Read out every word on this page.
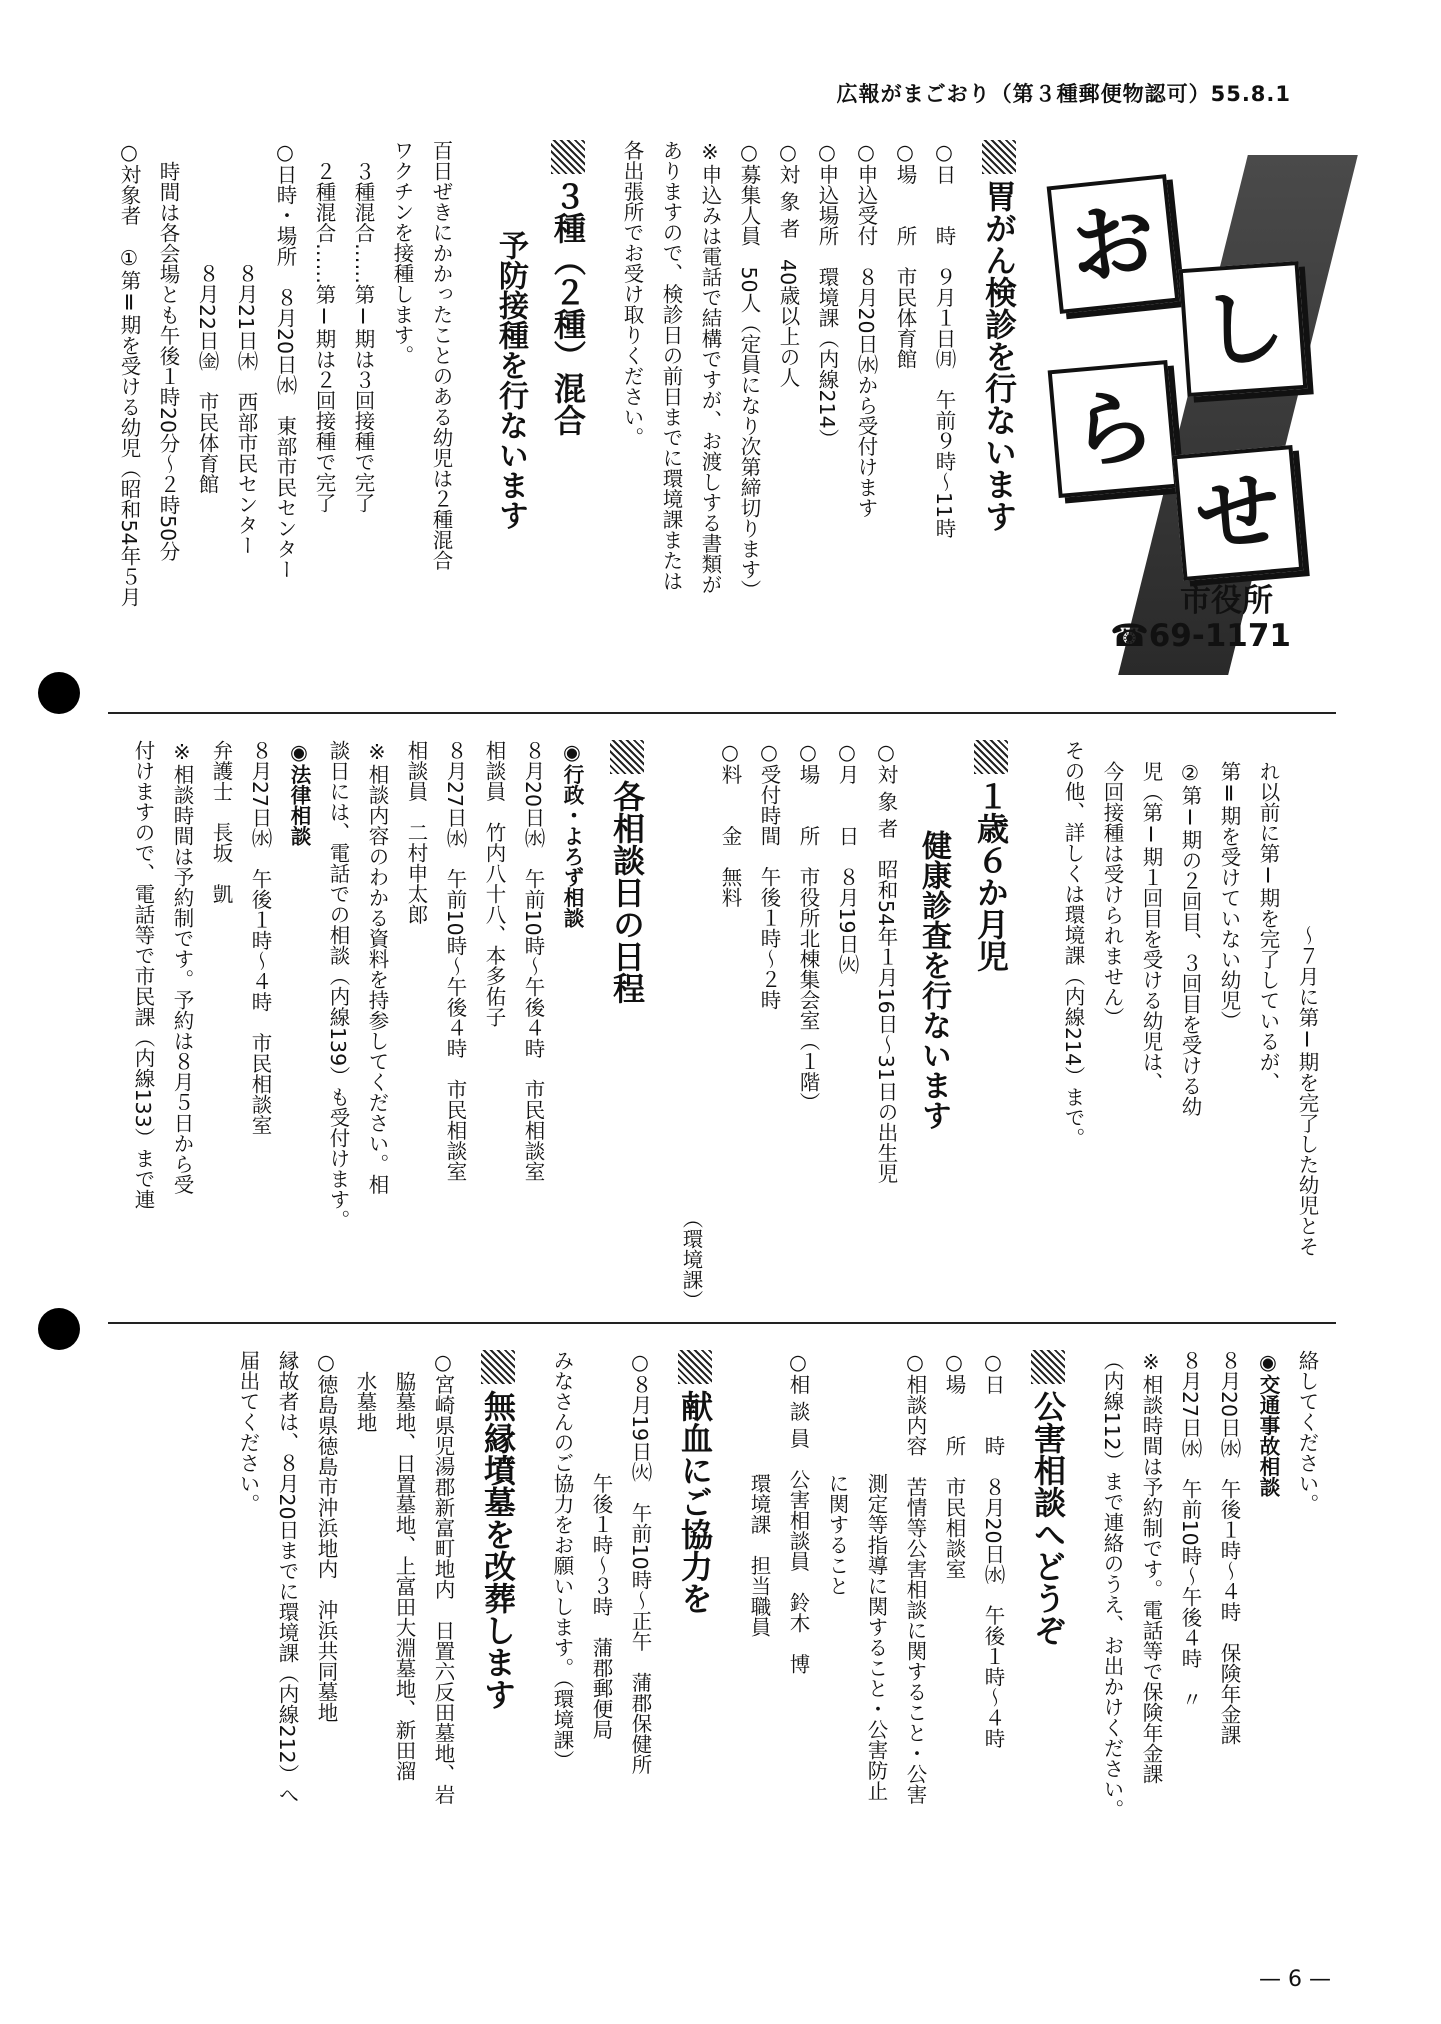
広報がまごおり（第３種郵便物認可）55.8.1
お
し
ら
せ
市役所
☎69-1171
胃がん検診を行ないます
○日　　時　９月１日㈪　午前９時〜11時
○場　　所　市民体育館
○申込受付　８月20日㈬から受付けます
○申込場所　環境課（内線214）
○対 象 者　40歳以上の人
○募集人員　50人（定員になり次第締切ります）
※申込みは電話で結構ですが、お渡しする書類が
ありますので、検診日の前日までに環境課または
各出張所でお受け取りください。
３種（２種）混合
予防接種を行ないます
百日ぜきにかかったことのある幼児は２種混合
ワクチンを接種します。
３種混合……第Ⅰ期は３回接種で完了
２種混合……第Ⅰ期は２回接種で完了
○日時・場所　８月20日㈬　東部市民センター
８月21日㈭　西部市民センター
８月22日㈮　市民体育館
時間は各会場とも午後１時20分〜２時50分
○対象者　①第Ⅱ期を受ける幼児（昭和54年５月
〜７月に第Ⅰ期を完了した幼児とそ
れ以前に第Ⅰ期を完了しているが、
第Ⅱ期を受けていない幼児）
②第Ⅰ期の２回目、３回目を受ける幼
児（第Ⅰ期１回目を受ける幼児は、
今回接種は受けられません）
その他、詳しくは環境課（内線214）まで。
１歳６か月児
健康診査を行ないます
○対 象 者　昭和54年１月16日〜31日の出生児
○月　　日　８月19日㈫
○場　　所　市役所北棟集会室（１階）
○受付時間　午後１時〜２時
○料　　金　無料
（環境課）
各相談日の日程
◉行政・よろず相談
８月20日㈬　午前10時〜午後４時　市民相談室
相談員　竹内八十八、本多佑子
８月27日㈬　午前10時〜午後４時　市民相談室
相談員　二村申太郎
※相談内容のわかる資料を持参してください。相
談日には、電話での相談（内線139）も受付けます。
◉法律相談
８月27日㈬　午後１時〜４時　市民相談室
弁護士　長坂　凱
※相談時間は予約制です。予約は８月５日から受
付けますので、電話等で市民課（内線133）まで連
絡してください。
◉交通事故相談
８月20日㈬　午後１時〜４時　保険年金課
８月27日㈬　午前10時〜午後４時　〃
※相談時間は予約制です。電話等で保険年金課
（内線112）まで連絡のうえ、お出かけください。
公害相談へどうぞ
○日　　時　８月20日㈬　午後１時〜４時
○場　　所　市民相談室
○相談内容　苦情等公害相談に関すること・公害
測定等指導に関すること・公害防止
に関すること
○相 談 員　公害相談員　鈴木　博
環境課　担当職員
献血にご協力を
○８月19日㈫　午前10時〜正午　蒲郡保健所
午後１時〜３時　蒲郡郵便局
みなさんのご協力をお願いします。（環境課）
無縁墳墓を改葬します
○宮崎県児湯郡新富町地内　日置六反田墓地、岩
脇墓地、日置墓地、上富田大淵墓地、新田溜
水墓地
○徳島県徳島市沖浜地内　沖浜共同墓地
縁故者は、８月20日までに環境課（内線212）へ
届出てください。
— 6 —
